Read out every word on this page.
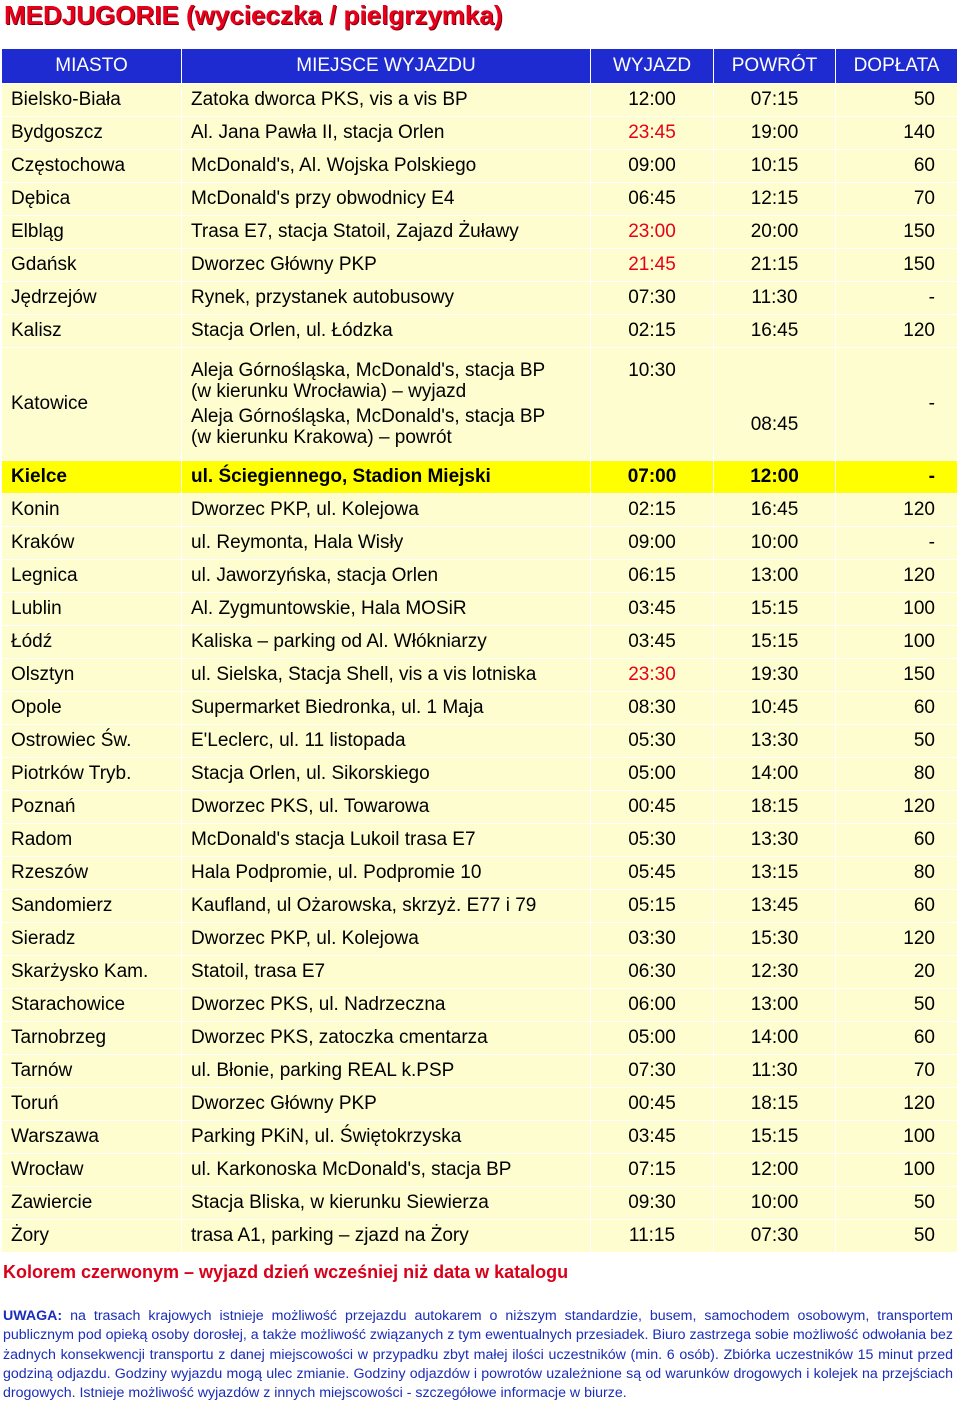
MEDJUGORIE (wycieczka / pielgrzymka)
MIASTO	MIEJSCE WYJAZDU	WYJAZD	POWRÓT	DOPŁATA
Bielsko-Biała	Zatoka dworca PKS, vis a vis BP	12:00	07:15	50
Bydgoszcz	Al. Jana Pawła II, stacja Orlen	23:45	19:00	140
Częstochowa	McDonald's, Al. Wojska Polskiego	09:00	10:15	60
Dębica	McDonald's przy obwodnicy E4	06:45	12:15	70
Elbląg	Trasa E7, stacja Statoil, Zajazd Żuławy	23:00	20:00	150
Gdańsk	Dworzec Główny PKP	21:45	21:15	150
Jędrzejów	Rynek, przystanek autobusowy	07:30	11:30	-
Kalisz	Stacja Orlen, ul. Łódzka	02:15	16:45	120
Katowice	Aleja Górnośląska, McDonald's, stacja BP
(w kierunku Wrocławia) – wyjazd
Aleja Górnośląska, McDonald's, stacja BP
(w kierunku Krakowa) – powrót	10:30	08:45	-
Kielce	ul. Ściegiennego, Stadion Miejski	07:00	12:00	-
Konin	Dworzec PKP, ul. Kolejowa	02:15	16:45	120
Kraków	ul. Reymonta, Hala Wisły	09:00	10:00	-
Legnica	ul. Jaworzyńska, stacja Orlen	06:15	13:00	120
Lublin	Al. Zygmuntowskie, Hala MOSiR	03:45	15:15	100
Łódź	Kaliska – parking od Al. Włókniarzy	03:45	15:15	100
Olsztyn	ul. Sielska, Stacja Shell, vis a vis lotniska	23:30	19:30	150
Opole	Supermarket Biedronka, ul. 1 Maja	08:30	10:45	60
Ostrowiec Św.	E'Leclerc, ul. 11 listopada	05:30	13:30	50
Piotrków Tryb.	Stacja Orlen, ul. Sikorskiego	05:00	14:00	80
Poznań	Dworzec PKS, ul. Towarowa	00:45	18:15	120
Radom	McDonald's stacja Lukoil trasa E7	05:30	13:30	60
Rzeszów	Hala Podpromie, ul. Podpromie 10	05:45	13:15	80
Sandomierz	Kaufland, ul Ożarowska, skrzyż. E77 i 79	05:15	13:45	60
Sieradz	Dworzec PKP, ul. Kolejowa	03:30	15:30	120
Skarżysko Kam.	Statoil, trasa E7	06:30	12:30	20
Starachowice	Dworzec PKS, ul. Nadrzeczna	06:00	13:00	50
Tarnobrzeg	Dworzec PKS, zatoczka cmentarza	05:00	14:00	60
Tarnów	ul. Błonie, parking REAL k.PSP	07:30	11:30	70
Toruń	Dworzec Główny PKP	00:45	18:15	120
Warszawa	Parking PKiN, ul. Świętokrzyska	03:45	15:15	100
Wrocław	ul. Karkonoska McDonald's, stacja BP	07:15	12:00	100
Zawiercie	Stacja Bliska, w kierunku Siewierza	09:30	10:00	50
Żory	trasa A1, parking – zjazd na Żory	11:15	07:30	50
Kolorem czerwonym – wyjazd dzień wcześniej niż data w katalogu
UWAGA: na trasach krajowych istnieje możliwość przejazdu autokarem o niższym standardzie, busem, samochodem osobowym, transportem publicznym pod opieką osoby dorosłej, a także możliwość związanych z tym ewentualnych przesiadek. Biuro zastrzega sobie możliwość odwołania bez żadnych konsekwencji transportu z danej miejscowości w przypadku zbyt małej ilości uczestników (min. 6 osób). Zbiórka uczestników 15 minut przed godziną odjazdu. Godziny wyjazdu mogą ulec zmianie. Godziny odjazdów i powrotów uzależnione są od warunków drogowych i kolejek na przejściach drogowych. Istnieje możliwość wyjazdów z innych miejscowości - szczegółowe informacje w biurze.
